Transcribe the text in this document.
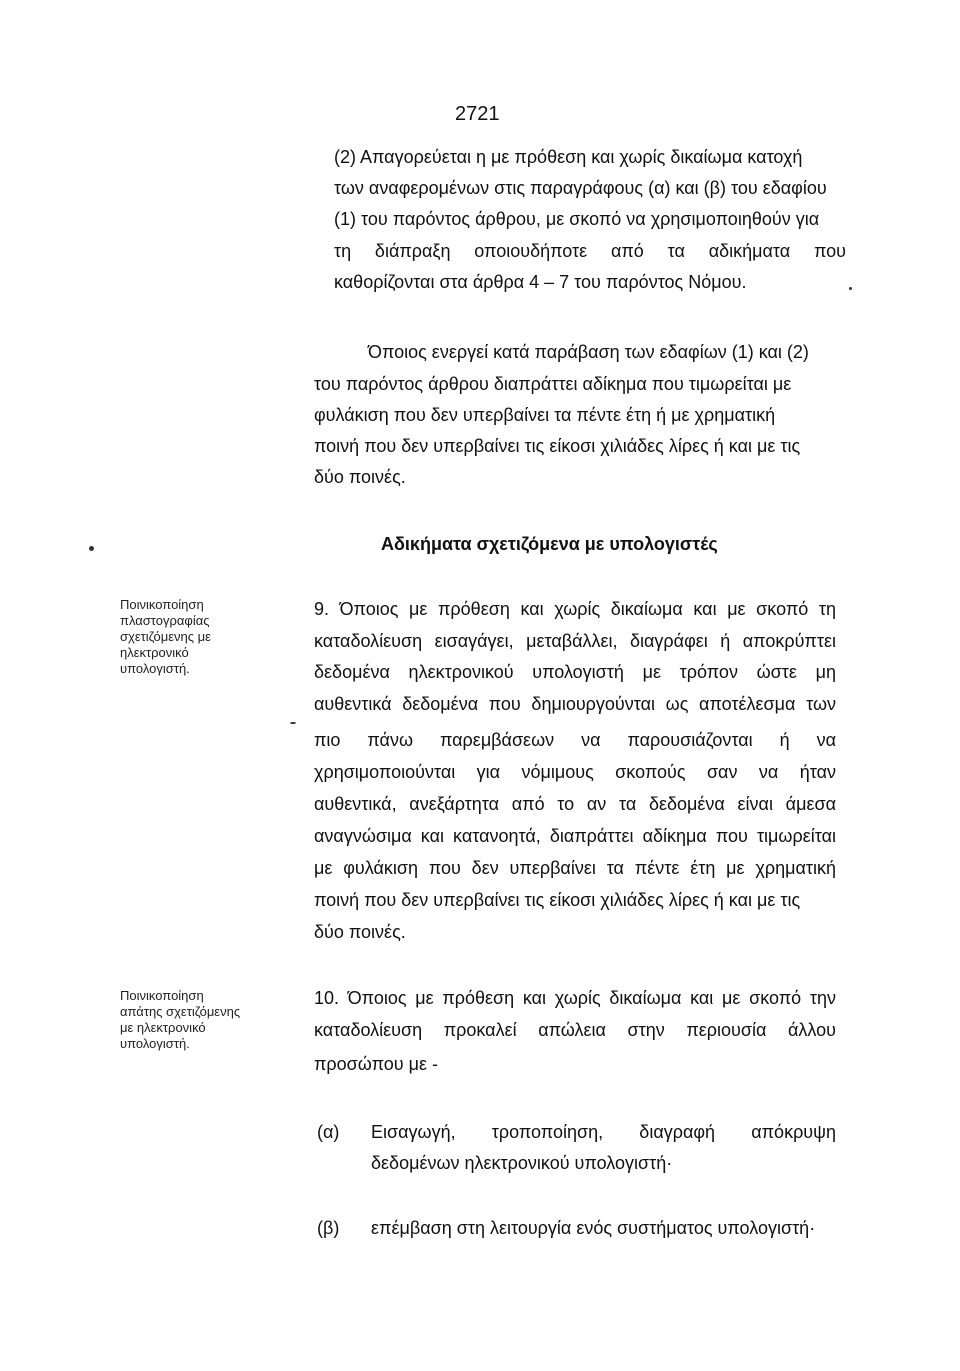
2721
(2) Απαγορεύεται η με πρόθεση και χωρίς δικαίωμα κατοχή
των αναφερομένων στις παραγράφους (α) και (β) του εδαφίου
(1) του παρόντος άρθρου, με σκοπό να χρησιμοποιηθούν για
τη διάπραξη οποιουδήποτε από τα αδικήματα που
καθορίζονται στα άρθρα 4 – 7 του παρόντος Νόμου.
Όποιος ενεργεί κατά παράβαση των εδαφίων (1) και (2)
του παρόντος άρθρου διαπράττει αδίκημα που τιμωρείται με
φυλάκιση που δεν υπερβαίνει τα πέντε έτη ή με χρηματική
ποινή που δεν υπερβαίνει τις είκοσι χιλιάδες λίρες ή και με τις
δύο ποινές.
Αδικήματα σχετιζόμενα με υπολογιστές
Ποινικοποίηση
πλαστογραφίας
σχετιζόμενης με
ηλεκτρονικό
υπολογιστή.
9. Όποιος με πρόθεση και χωρίς δικαίωμα και με σκοπό τη
καταδολίευση εισαγάγει, μεταβάλλει, διαγράφει ή αποκρύπτει
δεδομένα ηλεκτρονικού υπολογιστή με τρόπον ώστε μη
αυθεντικά δεδομένα που δημιουργούνται ως αποτέλεσμα των
πιο πάνω παρεμβάσεων να παρουσιάζονται ή να
χρησιμοποιούνται για νόμιμους σκοπούς σαν να ήταν
αυθεντικά, ανεξάρτητα από το αν τα δεδομένα είναι άμεσα
αναγνώσιμα και κατανοητά, διαπράττει αδίκημα που τιμωρείται
με φυλάκιση που δεν υπερβαίνει τα πέντε έτη με χρηματική
ποινή που δεν υπερβαίνει τις είκοσι χιλιάδες λίρες ή και με τις
δύο ποινές.
Ποινικοποίηση
απάτης σχετιζόμενης
με ηλεκτρονικό
υπολογιστή.
10. Όποιος με πρόθεση και χωρίς δικαίωμα και με σκοπό την
καταδολίευση προκαλεί απώλεια στην περιουσία άλλου
προσώπου με -
(α) Εισαγωγή, τροποποίηση, διαγραφή απόκρυψη
δεδομένων ηλεκτρονικού υπολογιστή·
(β) επέμβαση στη λειτουργία ενός συστήματος υπολογιστή·
